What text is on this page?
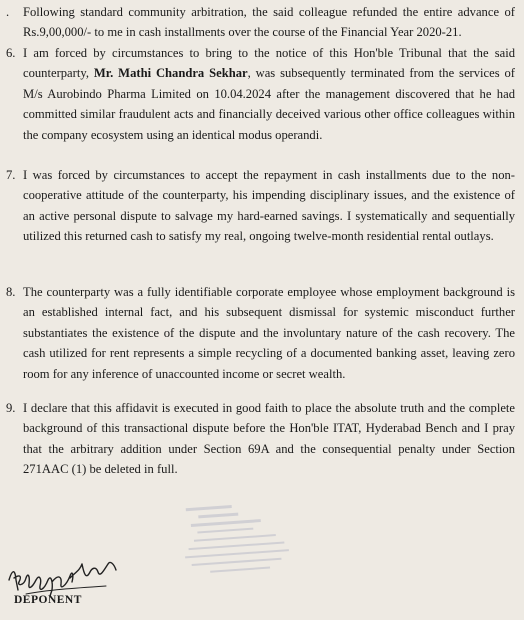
. Following standard community arbitration, the said colleague refunded the entire advance of Rs.9,00,000/- to me in cash installments over the course of the Financial Year 2020-21.
6. I am forced by circumstances to bring to the notice of this Hon'ble Tribunal that the said counterparty, Mr. Mathi Chandra Sekhar, was subsequently terminated from the services of M/s Aurobindo Pharma Limited on 10.04.2024 after the management discovered that he had committed similar fraudulent acts and financially deceived various other office colleagues within the company ecosystem using an identical modus operandi.
7. I was forced by circumstances to accept the repayment in cash installments due to the non-cooperative attitude of the counterparty, his impending disciplinary issues, and the existence of an active personal dispute to salvage my hard-earned savings. I systematically and sequentially utilized this returned cash to satisfy my real, ongoing twelve-month residential rental outlays.
8. The counterparty was a fully identifiable corporate employee whose employment background is an established internal fact, and his subsequent dismissal for systemic misconduct further substantiates the existence of the dispute and the involuntary nature of the cash recovery. The cash utilized for rent represents a simple recycling of a documented banking asset, leaving zero room for any inference of unaccounted income or secret wealth.
9. I declare that this affidavit is executed in good faith to place the absolute truth and the complete background of this transactional dispute before the Hon'ble ITAT, Hyderabad Bench and I pray that the arbitrary addition under Section 69A and the consequential penalty under Section 271AAC (1) be deleted in full.
DEPONENT
